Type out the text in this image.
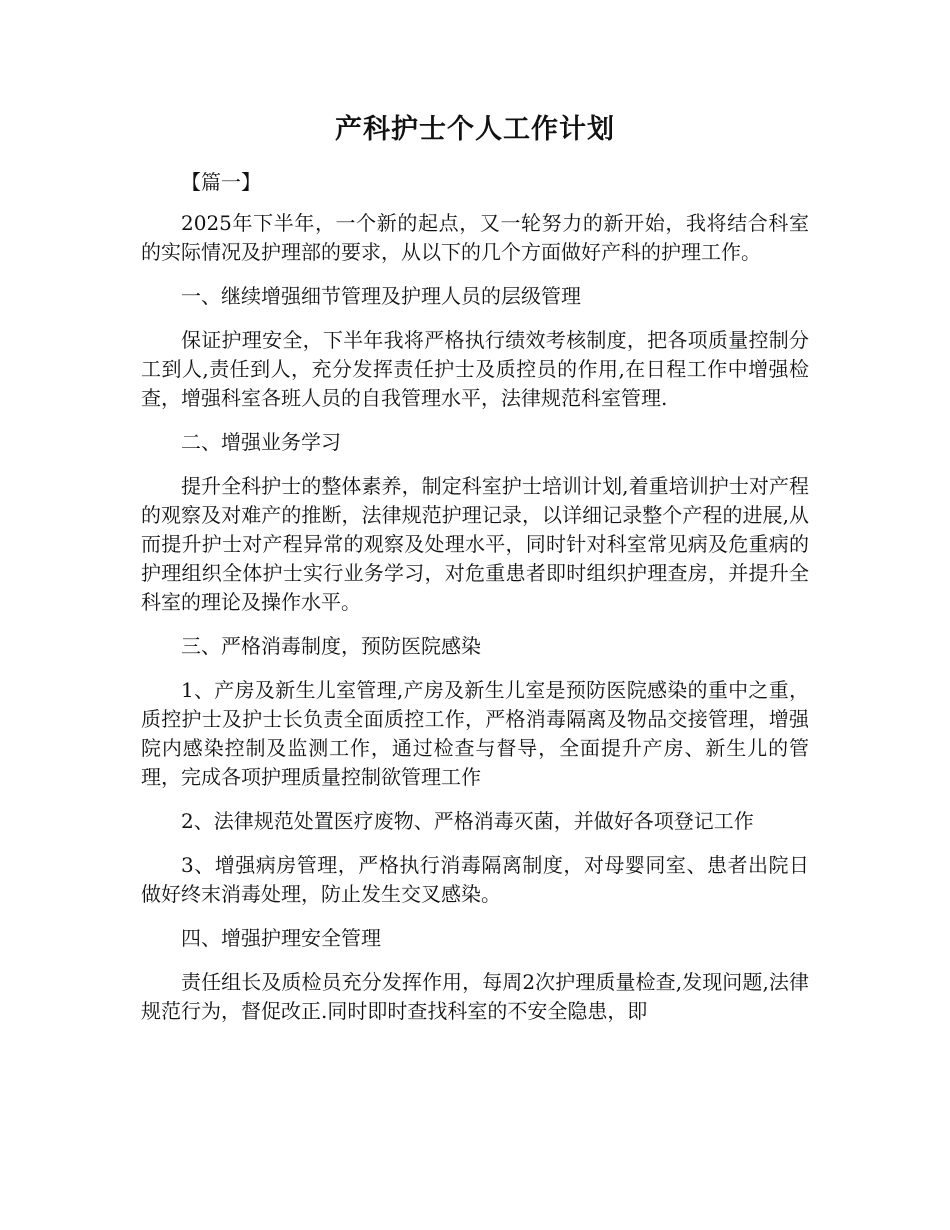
产科护士个人工作计划
【篇一】

2025年下半年，一个新的起点，又一轮努力的新开始，我将结合科室的实际情况及护理部的要求，从以下的几个方面做好产科的护理工作。

一、继续增强细节管理及护理人员的层级管理

保证护理安全，下半年我将严格执行绩效考核制度，把各项质量控制分工到人,责任到人，充分发挥责任护士及质控员的作用,在日程工作中增强检查，增强科室各班人员的自我管理水平，法律规范科室管理.

二、增强业务学习

提升全科护士的整体素养，制定科室护士培训计划,着重培训护士对产程的观察及对难产的推断，法律规范护理记录，以详细记录整个产程的进展,从而提升护士对产程异常的观察及处理水平，同时针对科室常见病及危重病的护理组织全体护士实行业务学习，对危重患者即时组织护理查房，并提升全科室的理论及操作水平。

三、严格消毒制度，预防医院感染

1、产房及新生儿室管理,产房及新生儿室是预防医院感染的重中之重，质控护士及护士长负责全面质控工作，严格消毒隔离及物品交接管理，增强院内感染控制及监测工作，通过检查与督导，全面提升产房、新生儿的管理，完成各项护理质量控制欲管理工作

2、法律规范处置医疗废物、严格消毒灭菌，并做好各项登记工作

3、增强病房管理，严格执行消毒隔离制度，对母婴同室、患者出院日做好终末消毒处理，防止发生交叉感染。

四、增强护理安全管理

责任组长及质检员充分发挥作用，每周2次护理质量检查,发现问题,法律规范行为，督促改正.同时即时查找科室的不安全隐患，即
